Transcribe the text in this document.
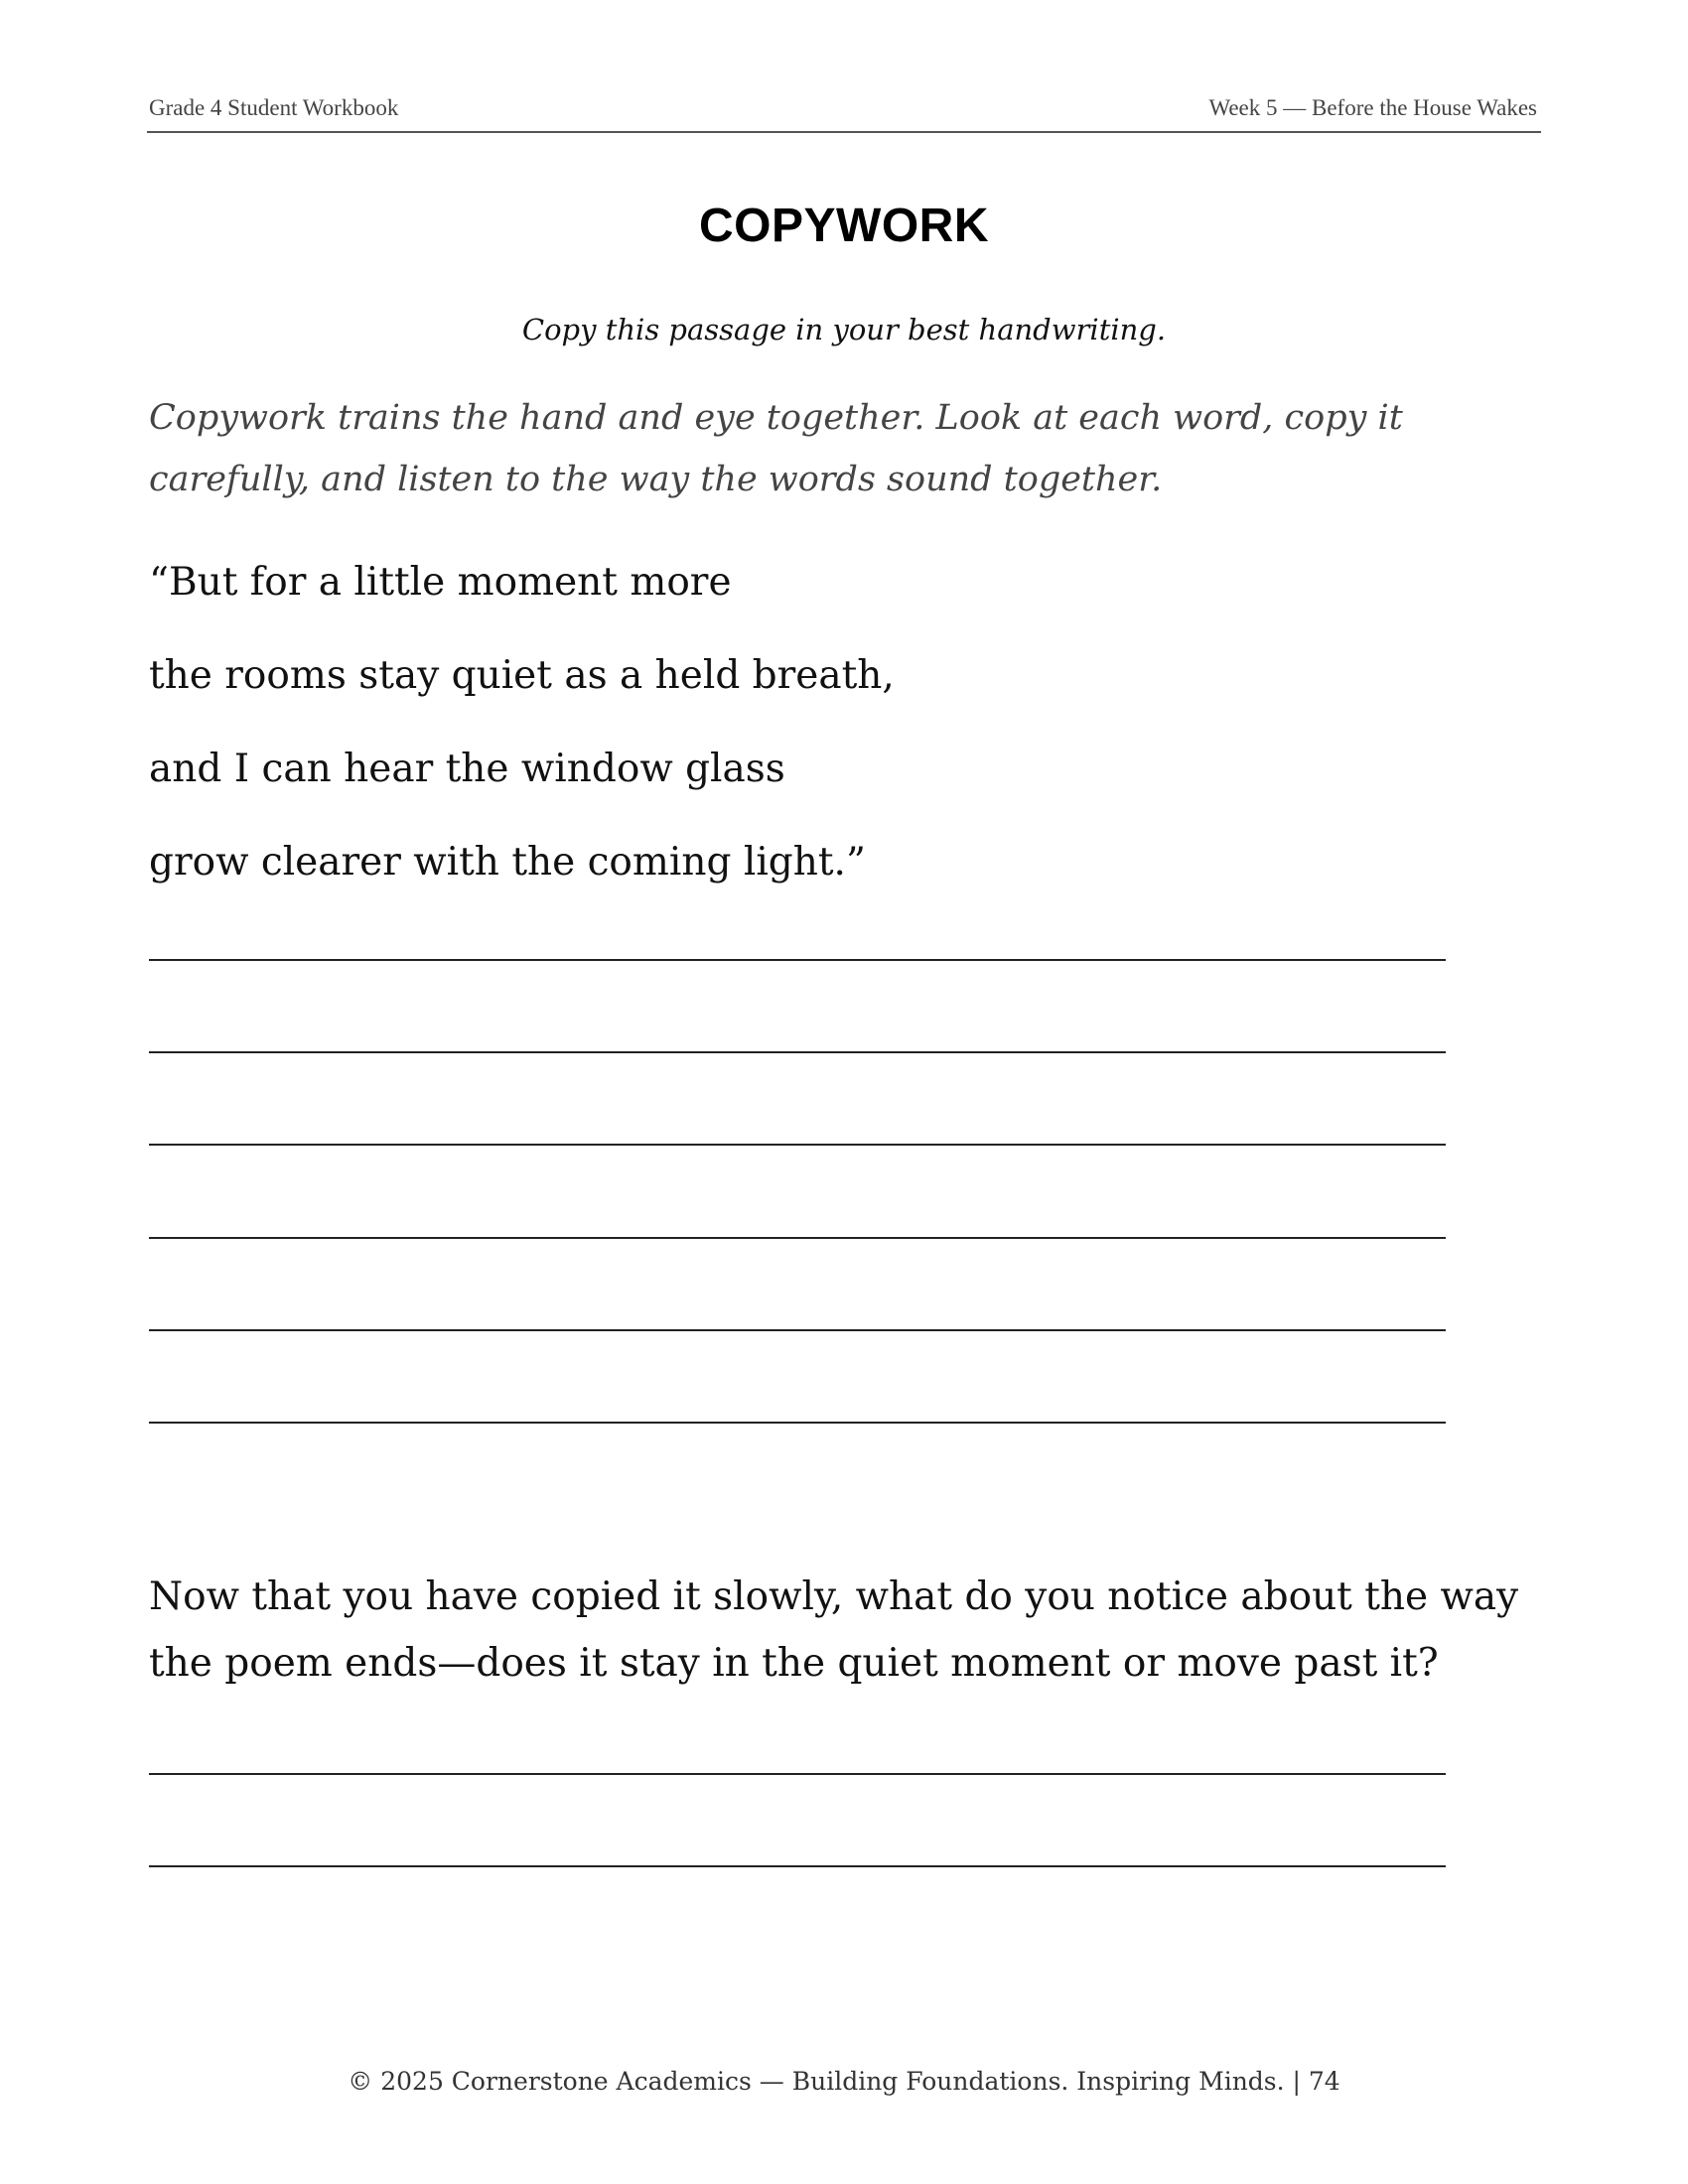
Grade 4 Student Workbook	Week 5 — Before the House Wakes
COPYWORK
Copy this passage in your best handwriting.
Copywork trains the hand and eye together. Look at each word, copy it carefully, and listen to the way the words sound together.
“But for a little moment more
the rooms stay quiet as a held breath,
and I can hear the window glass
grow clearer with the coming light.”
Now that you have copied it slowly, what do you notice about the way the poem ends—does it stay in the quiet moment or move past it?
© 2025 Cornerstone Academics — Building Foundations. Inspiring Minds. | 74
